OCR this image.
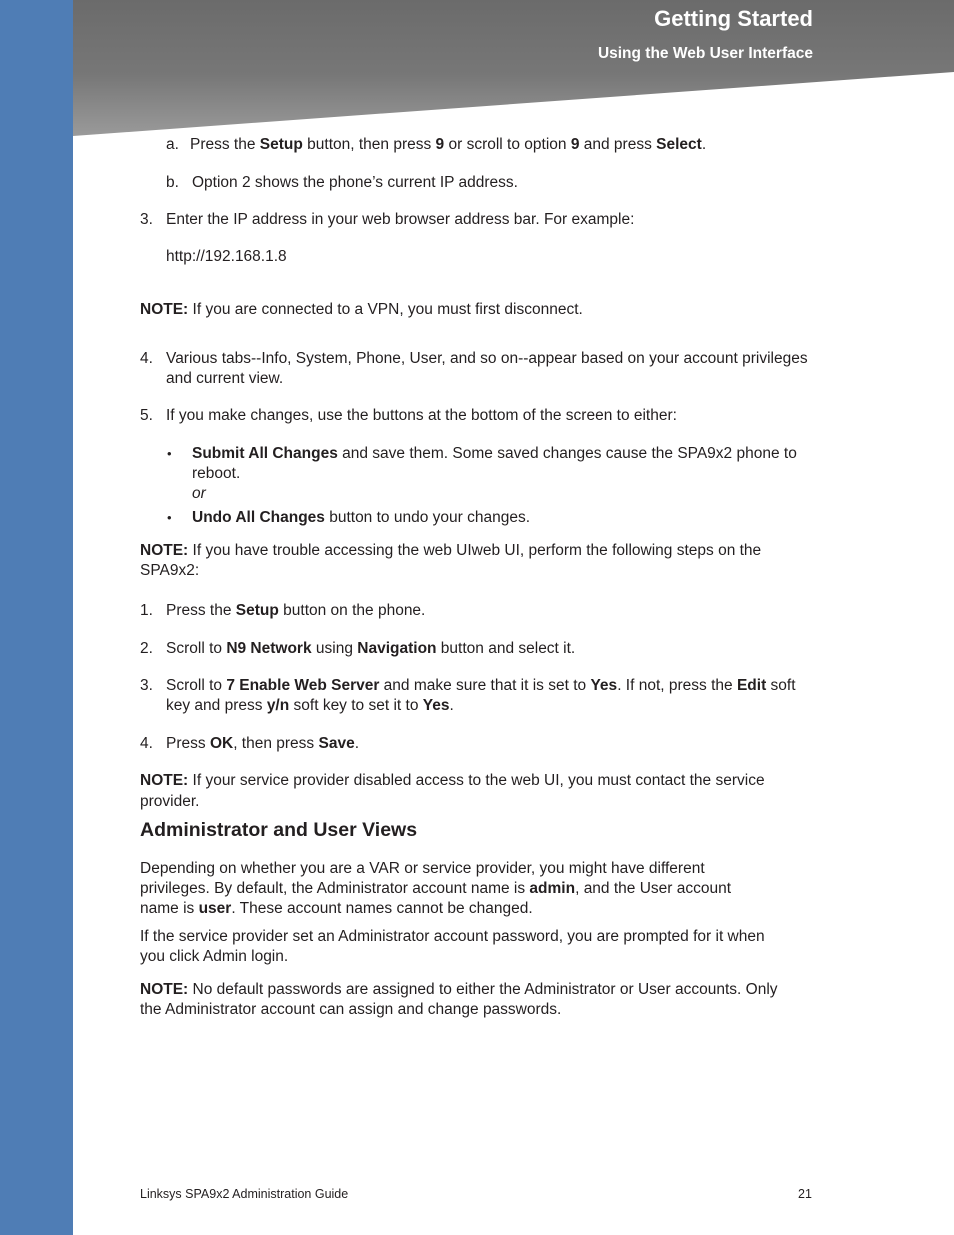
Getting Started
Using the Web User Interface
a. Press the Setup button, then press 9 or scroll to option 9 and press Select.
b. Option 2 shows the phone’s current IP address.
3. Enter the IP address in your web browser address bar. For example:
http://192.168.1.8
NOTE: If you are connected to a VPN, you must first disconnect.
4. Various tabs--Info, System, Phone, User, and so on--appear based on your account privileges
and current view.
5. If you make changes, use the buttons at the bottom of the screen to either:
• Submit All Changes and save them. Some saved changes cause the SPA9x2 phone to
reboot.
or
• Undo All Changes button to undo your changes.
NOTE: If you have trouble accessing the web UIweb UI, perform the following steps on the
SPA9x2:
1. Press the Setup button on the phone.
2. Scroll to N9 Network using Navigation button and select it.
3. Scroll to 7 Enable Web Server and make sure that it is set to Yes. If not, press the Edit soft
key and press y/n soft key to set it to Yes.
4. Press OK, then press Save.
NOTE: If your service provider disabled access to the web UI, you must contact the service
provider.
Administrator and User Views
Depending on whether you are a VAR or service provider, you might have different
privileges. By default, the Administrator account name is admin, and the User account
name is user. These account names cannot be changed.
If the service provider set an Administrator account password, you are prompted for it when
you click Admin login.
NOTE: No default passwords are assigned to either the Administrator or User accounts. Only
the Administrator account can assign and change passwords.
Linksys SPA9x2 Administration Guide	21
